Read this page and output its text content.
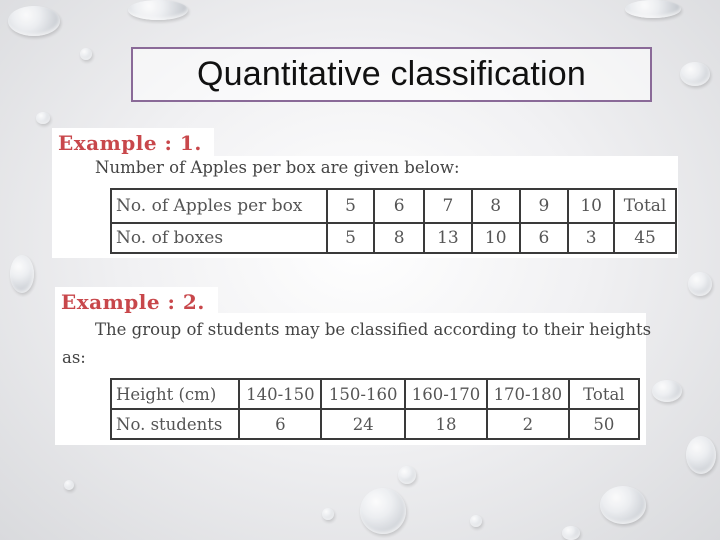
Quantitative classification
Example : 1.
Number of Apples per box are given below:
No. of Apples per box	5	6	7	8	9	10	Total
No. of boxes	5	8	13	10	6	3	45
Example : 2.
The group of students may be classified according to their heights
as:
Height (cm)	140-150	150-160	160-170	170-180	Total
No. students	6	24	18	2	50
